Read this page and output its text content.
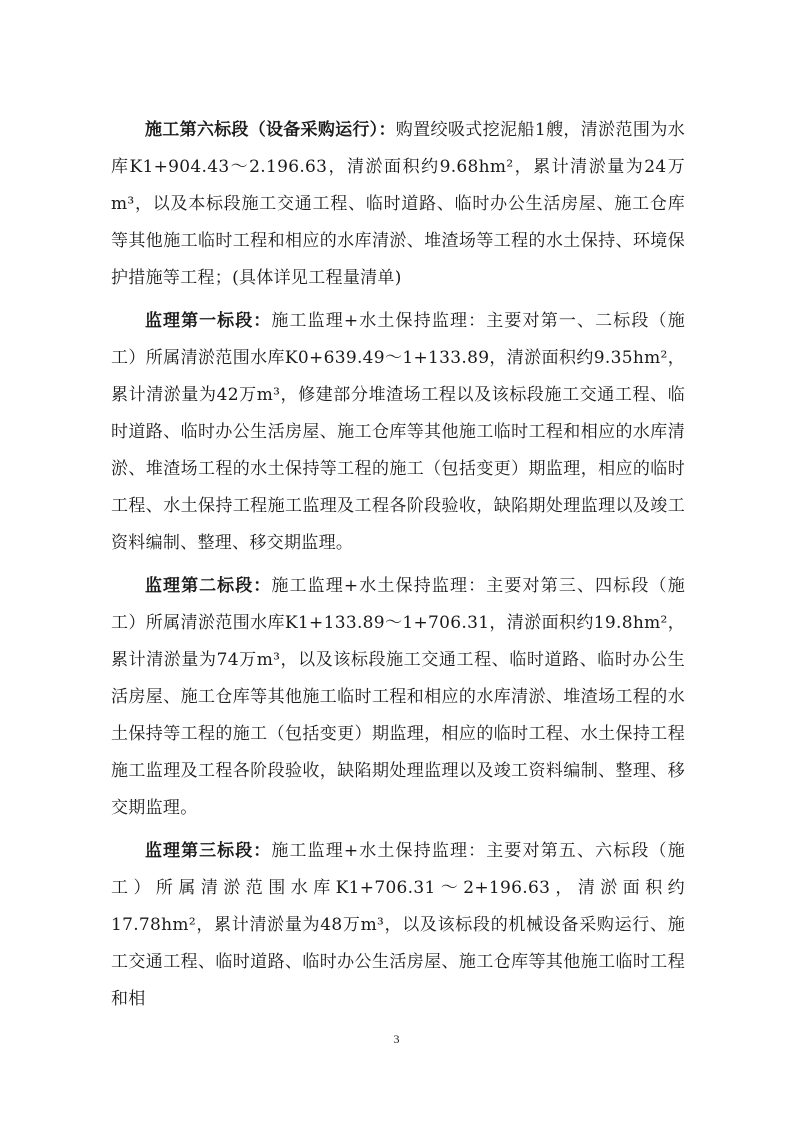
施工第六标段（设备采购运行）：购置绞吸式挖泥船1艘，清淤范围为水库K1+904.43～2.196.63，清淤面积约9.68hm²，累计清淤量为24万m³，以及本标段施工交通工程、临时道路、临时办公生活房屋、施工仓库等其他施工临时工程和相应的水库清淤、堆渣场等工程的水土保持、环境保护措施等工程；(具体详见工程量清单)

监理第一标段：施工监理+水土保持监理：主要对第一、二标段（施工）所属清淤范围水库K0+639.49～1+133.89，清淤面积约9.35hm²，累计清淤量为42万m³，修建部分堆渣场工程以及该标段施工交通工程、临时道路、临时办公生活房屋、施工仓库等其他施工临时工程和相应的水库清淤、堆渣场工程的水土保持等工程的施工（包括变更）期监理，相应的临时工程、水土保持工程施工监理及工程各阶段验收，缺陷期处理监理以及竣工资料编制、整理、移交期监理。

监理第二标段：施工监理+水土保持监理：主要对第三、四标段（施工）所属清淤范围水库K1+133.89～1+706.31，清淤面积约19.8hm²，累计清淤量为74万m³，以及该标段施工交通工程、临时道路、临时办公生活房屋、施工仓库等其他施工临时工程和相应的水库清淤、堆渣场工程的水土保持等工程的施工（包括变更）期监理，相应的临时工程、水土保持工程施工监理及工程各阶段验收，缺陷期处理监理以及竣工资料编制、整理、移交期监理。

监理第三标段：施工监理+水土保持监理：主要对第五、六标段（施工）所属清淤范围水库K1+706.31～2+196.63，清淤面积约17.78hm²，累计清淤量为48万m³，以及该标段的机械设备采购运行、施工交通工程、临时道路、临时办公生活房屋、施工仓库等其他施工临时工程和相

3
